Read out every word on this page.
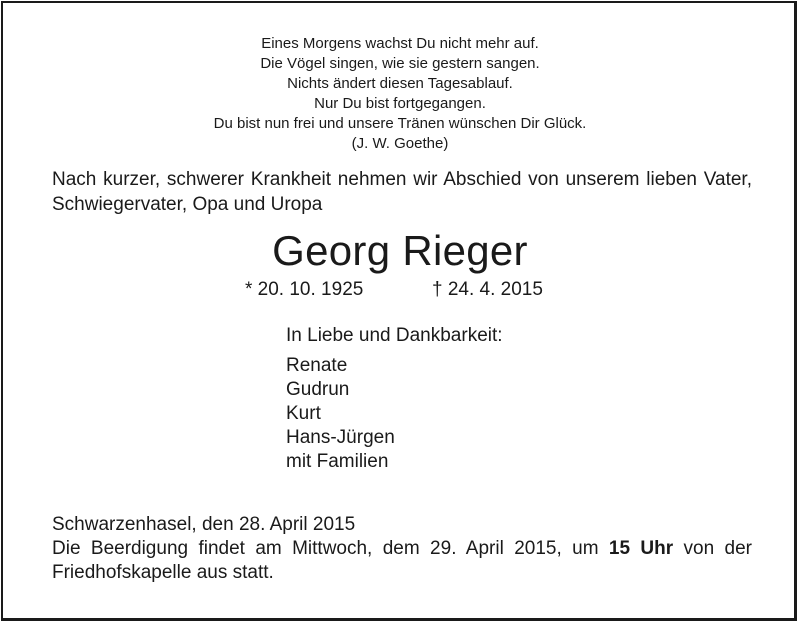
Eines Morgens wachst Du nicht mehr auf.
Die Vögel singen, wie sie gestern sangen.
Nichts ändert diesen Tagesablauf.
Nur Du bist fortgegangen.
Du bist nun frei und unsere Tränen wünschen Dir Glück.
(J. W. Goethe)
Nach kurzer, schwerer Krankheit nehmen wir Abschied von unserem lieben Vater, Schwiegervater, Opa und Uropa
Georg Rieger
* 20. 10. 1925	† 24. 4. 2015
In Liebe und Dankbarkeit:
Renate
Gudrun
Kurt
Hans-Jürgen
mit Familien
Schwarzenhasel, den 28. April 2015
Die Beerdigung findet am Mittwoch, dem 29. April 2015, um 15 Uhr von der Friedhofskapelle aus statt.
